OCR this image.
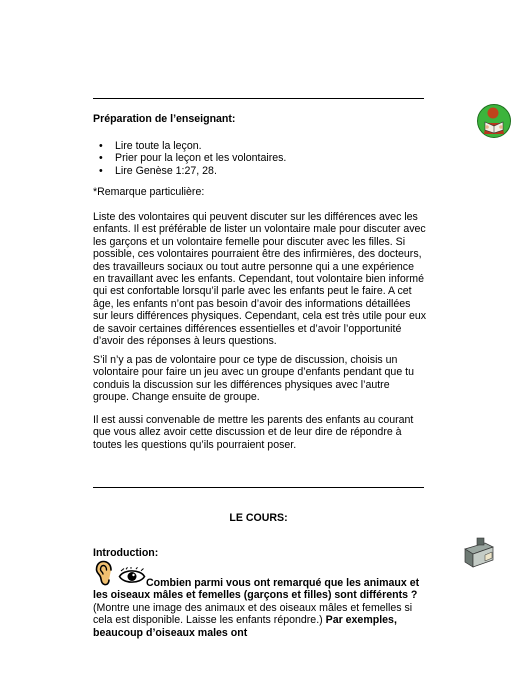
Préparation de l’enseignant:

• Lire toute la leçon.
• Prier pour la leçon et les volontaires.
• Lire Genèse 1:27, 28.

*Remarque particulière:

Liste des volontaires qui peuvent discuter sur les différences avec les enfants. Il est préférable de lister un volontaire male pour discuter avec les garçons et un volontaire femelle pour discuter avec les filles. Si possible, ces volontaires pourraient être des infirmières, des docteurs, des travailleurs sociaux ou tout autre personne qui a une expérience en travaillant avec les enfants. Cependant, tout volontaire bien informé qui est confortable lorsqu’il parle avec les enfants peut le faire. A cet âge, les enfants n’ont pas besoin d’avoir des informations détaillées sur leurs différences physiques. Cependant, cela est très utile pour eux de savoir certaines différences essentielles et d’avoir l’opportunité d’avoir des réponses à leurs questions.

S’il n’y a pas de volontaire pour ce type de discussion, choisis un volontaire pour faire un jeu avec un groupe d’enfants pendant que tu conduis la discussion sur les différences physiques avec l’autre groupe. Change ensuite de groupe.

Il est aussi convenable de mettre les parents des enfants au courant que vous allez avoir cette discussion et de leur dire de répondre à toutes les questions qu’ils pourraient poser.

LE COURS:

Introduction:

Combien parmi vous ont remarqué que les animaux et les oiseaux mâles et femelles (garçons et filles) sont différents ? (Montre une image des animaux et des oiseaux mâles et femelles si cela est disponible. Laisse les enfants répondre.) Par exemples, beaucoup d’oiseaux males ont
